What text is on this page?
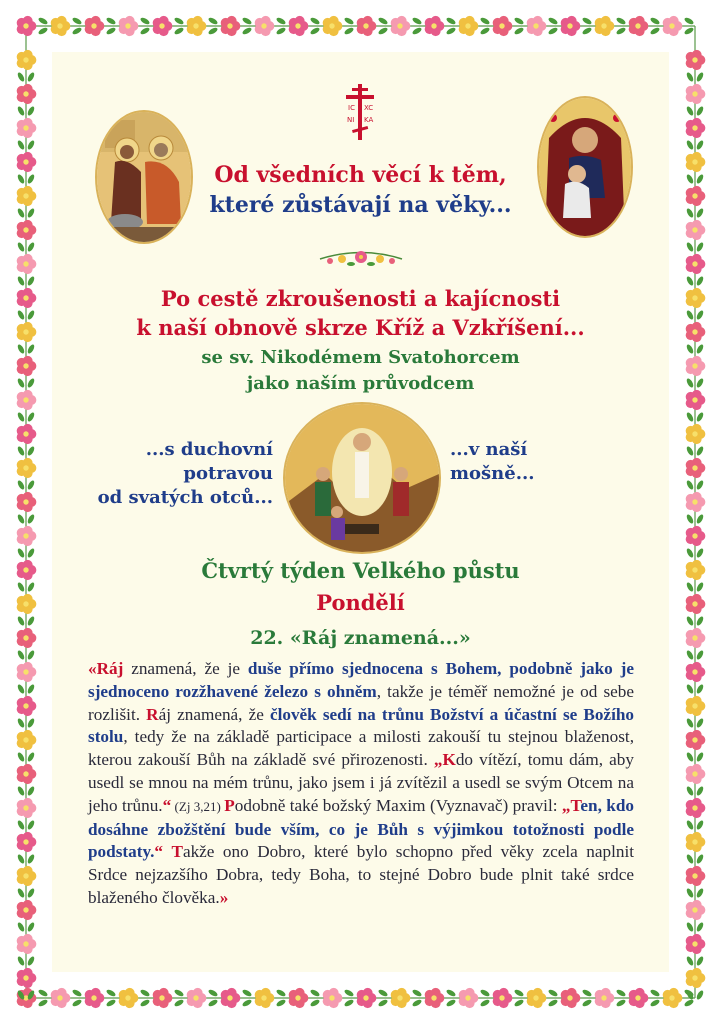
IC XC
NI KA
Od všedních věcí k těm,
které zůstávají na věky...
Po cestě zkroušenosti a kajícnosti
k naší obnově skrze Kříž a Vzkříšení...
se sv. Nikodémem Svatohorcem
jako naším průvodcem
...s duchovní
potravou
od svatých otců...
...v naší
mošně...
Čtvrtý týden Velkého půstu
Pondělí
22. «Ráj znamená...»
«Ráj znamená, že je duše přímo sjednocena s Bohem, podobně jako je sjednoceno rozžhavené železo s ohněm, takže je téměř nemožné je od sebe rozlišit. Ráj znamená, že člověk sedí na trůnu Božství a účastní se Božího stolu, tedy že na základě participace a milosti zakouší tu stejnou blaženost, kterou zakouší Bůh na základě své přirozenosti. „Kdo vítězí, tomu dám, aby usedl se mnou na mém trůnu, jako jsem i já zvítězil a usedl se svým Otcem na jeho trůnu.“ (Zj 3,21) Podobně také božský Maxim (Vyznavač) pravil: „Ten, kdo dosáhne zbožštění bude vším, co je Bůh s výjimkou totožnosti podle podstaty.“ Takže ono Dobro, které bylo schopno před věky zcela naplnit Srdce nejzazšího Dobra, tedy Boha, to stejné Dobro bude plnit také srdce blaženého člověka.»
